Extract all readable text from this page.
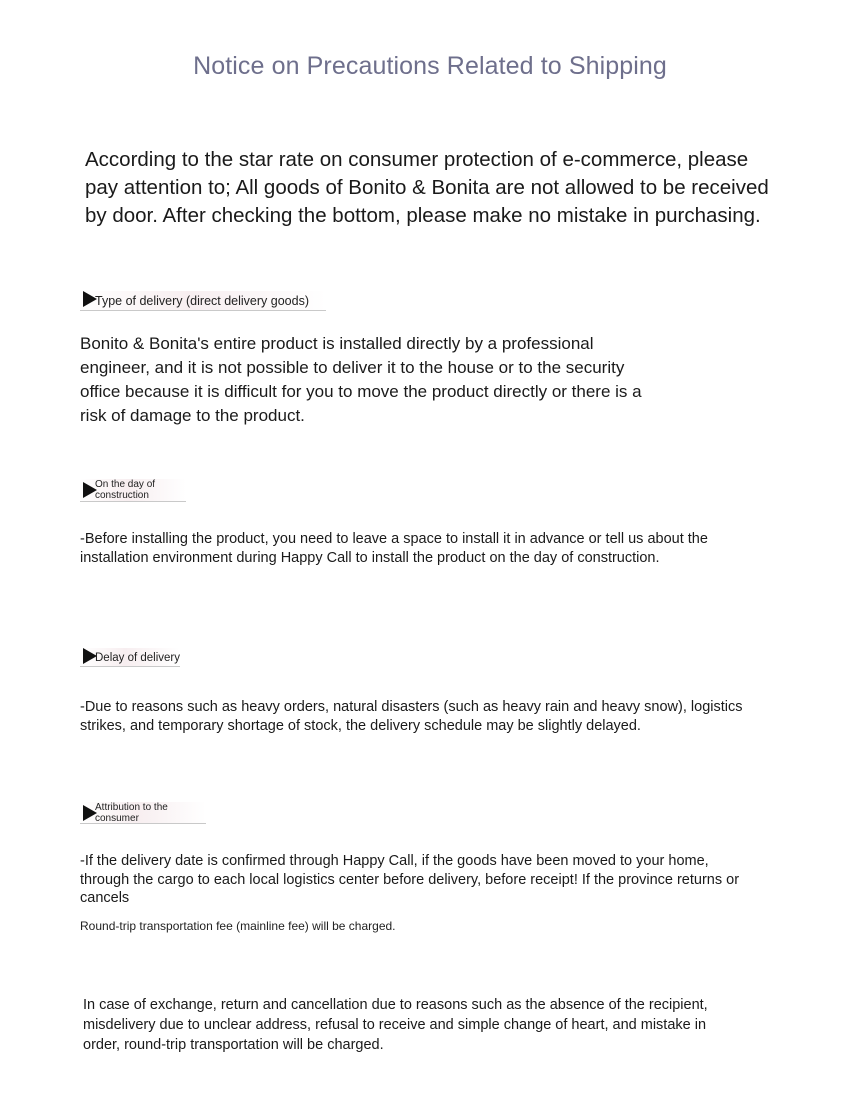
Notice on Precautions Related to Shipping
According to the star rate on consumer protection of e-commerce, please pay attention to; All goods of Bonito & Bonita are not allowed to be received by door. After checking the bottom, please make no mistake in purchasing.
Type of delivery (direct delivery goods)
Bonito & Bonita's entire product is installed directly by a professional engineer, and it is not possible to deliver it to the house or to the security office because it is difficult for you to move the product directly or there is a risk of damage to the product.
On the day of construction
-Before installing the product, you need to leave a space to install it in advance or tell us about the installation environment during Happy Call to install the product on the day of construction.
Delay of delivery
-Due to reasons such as heavy orders, natural disasters (such as heavy rain and heavy snow), logistics strikes, and temporary shortage of stock, the delivery schedule may be slightly delayed.
Attribution to the consumer
-If the delivery date is confirmed through Happy Call, if the goods have been moved to your home, through the cargo to each local logistics center before delivery, before receipt! If the province returns or cancels
Round-trip transportation fee (mainline fee) will be charged.
In case of exchange, return and cancellation due to reasons such as the absence of the recipient, misdelivery due to unclear address, refusal to receive and simple change of heart, and mistake in order, round-trip transportation will be charged.
